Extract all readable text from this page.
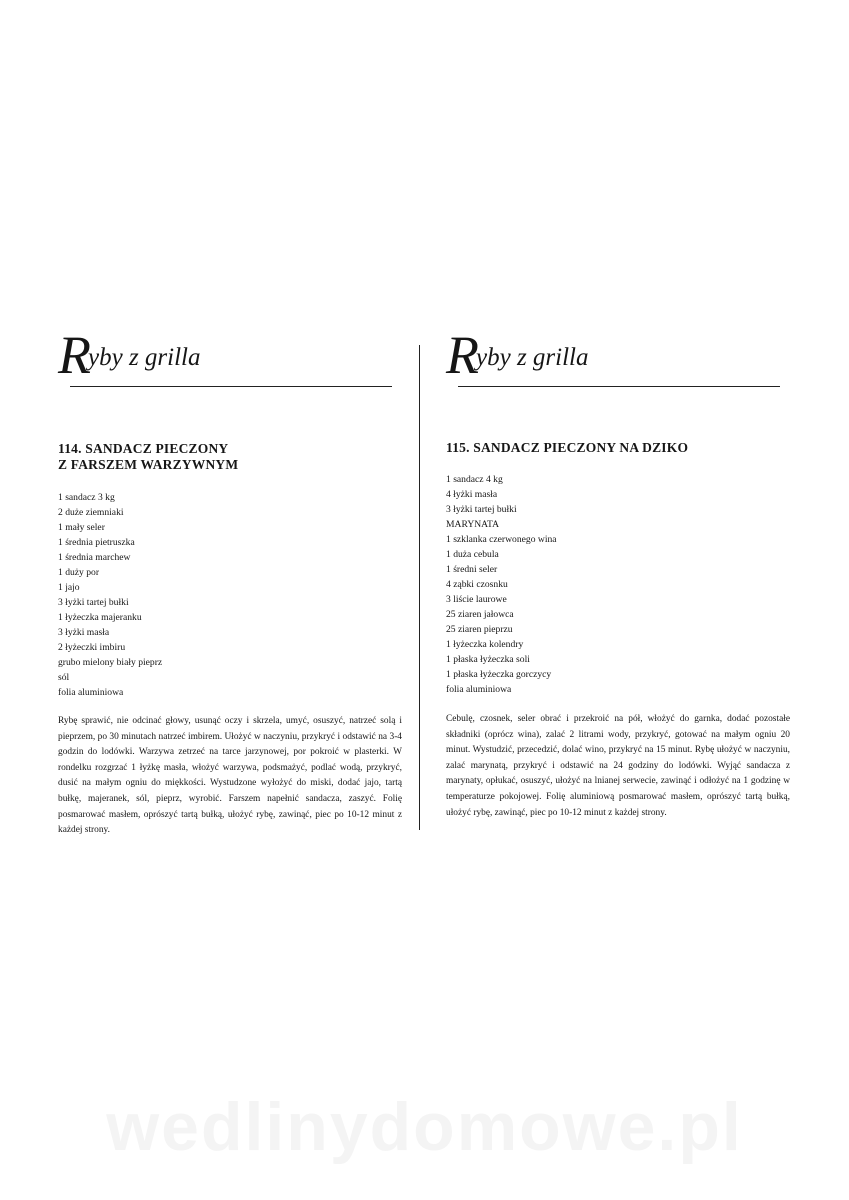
Ryby z grilla
114. SANDACZ PIECZONY
Z FARSZEM WARZYWNYM
1 sandacz 3 kg
2 duże ziemniaki
1 mały seler
1 średnia pietruszka
1 średnia marchew
1 duży por
1 jajo
3 łyżki tartej bułki
1 łyżeczka majeranku
3 łyżki masła
2 łyżeczki imbiru
grubo mielony biały pieprz
sól
folia aluminiowa

Rybę sprawić, nie odcinać głowy, usunąć oczy i skrzela, umyć, osuszyć, natrzeć solą i pieprzem, po 30 minutach natrzeć imbirem. Ułożyć w naczyniu, przykryć i odstawić na 3-4 godzin do lodówki. Warzywa zetrzeć na tarce jarzynowej, por pokroić w plasterki. W rondelku rozgrzać 1 łyżkę masła, włożyć warzywa, podsmażyć, podlać wodą, przykryć, dusić na małym ogniu do miękkości. Wystudzone wyłożyć do miski, dodać jajo, tartą bułkę, majeranek, sól, pieprz, wyrobić. Farszem napełnić sandacza, zaszyć. Folię posmarować masłem, oprószyć tartą bułką, ułożyć rybę, zawinąć, piec po 10-12 minut z każdej strony.

Ryby z grilla
115. SANDACZ PIECZONY NA DZIKO
1 sandacz 4 kg
4 łyżki masła
3 łyżki tartej bułki
MARYNATA
1 szklanka czerwonego wina
1 duża cebula
1 średni seler
4 ząbki czosnku
3 liście laurowe
25 ziaren jałowca
25 ziaren pieprzu
1 łyżeczka kolendry
1 płaska łyżeczka soli
1 płaska łyżeczka gorczycy
folia aluminiowa

Cebulę, czosnek, seler obrać i przekroić na pół, włożyć do garnka, dodać pozostałe składniki (oprócz wina), zalać 2 litrami wody, przykryć, gotować na małym ogniu 20 minut. Wystudzić, przecedzić, dolać wino, przykryć na 15 minut. Rybę ułożyć w naczyniu, zalać marynatą, przykryć i odstawić na 24 godziny do lodówki. Wyjąć sandacza z marynaty, opłukać, osuszyć, ułożyć na lnianej serwecie, zawinąć i odłożyć na 1 godzinę w temperaturze pokojowej. Folię aluminiową posmarować masłem, oprószyć tartą bułką, ułożyć rybę, zawinąć, piec po 10-12 minut z każdej strony.

wedlinydomowe.pl
